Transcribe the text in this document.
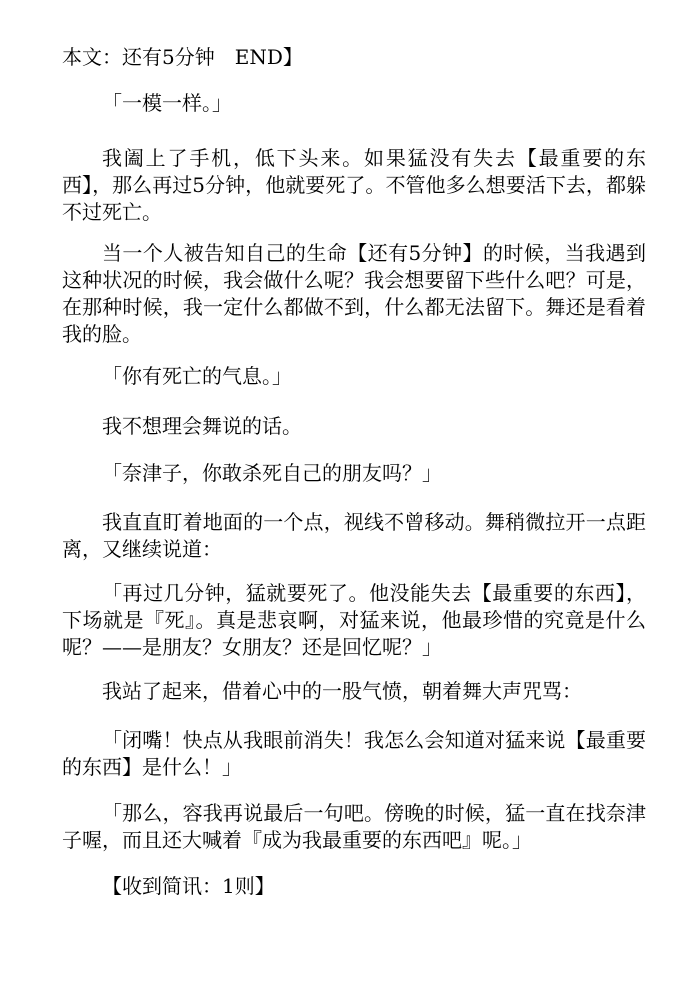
本文：还有5分钟　END】

「一模一样。」

我阖上了手机，低下头来。如果猛没有失去【最重要的东西】，那么再过5分钟，他就要死了。不管他多么想要活下去，都躲不过死亡。

当一个人被告知自己的生命【还有5分钟】的时候，当我遇到这种状况的时候，我会做什么呢？我会想要留下些什么吧？可是，在那种时候，我一定什么都做不到，什么都无法留下。舞还是看着我的脸。

「你有死亡的气息。」

我不想理会舞说的话。

「奈津子，你敢杀死自己的朋友吗？」

我直直盯着地面的一个点，视线不曾移动。舞稍微拉开一点距离，又继续说道：

「再过几分钟，猛就要死了。他没能失去【最重要的东西】，下场就是『死』。真是悲哀啊，对猛来说，他最珍惜的究竟是什么呢？——是朋友？女朋友？还是回忆呢？」

我站了起来，借着心中的一股气愤，朝着舞大声咒骂：

「闭嘴！快点从我眼前消失！我怎么会知道对猛来说【最重要的东西】是什么！」

「那么，容我再说最后一句吧。傍晚的时候，猛一直在找奈津子喔，而且还大喊着『成为我最重要的东西吧』呢。」

【收到简讯：1则】
